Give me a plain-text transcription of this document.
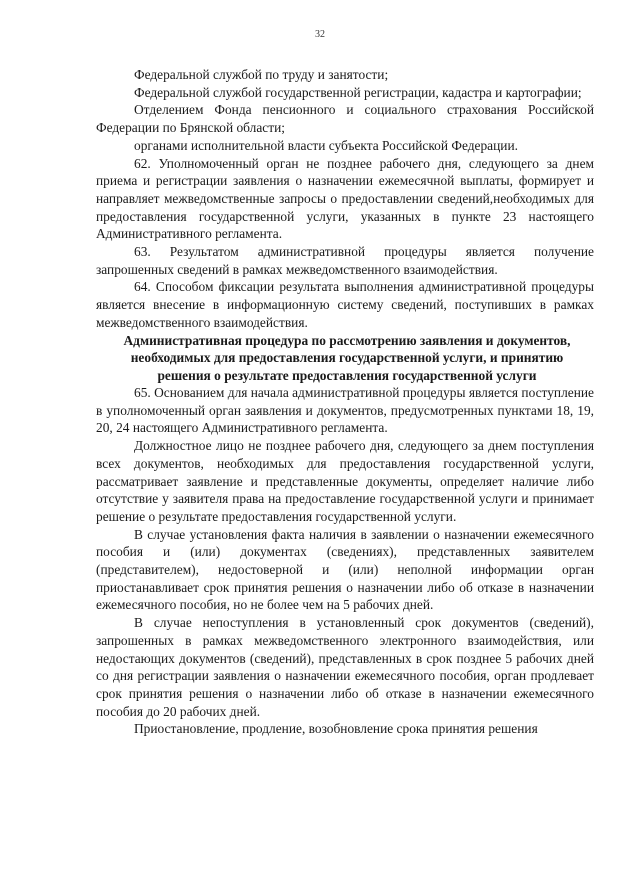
32

Федеральной службой по труду и занятости;

Федеральной службой государственной регистрации, кадастра и картографии;

Отделением Фонда пенсионного и социального страхования Российской Федерации по Брянской области;

органами исполнительной власти субъекта Российской Федерации.

62. Уполномоченный орган не позднее рабочего дня, следующего за днем приема и регистрации заявления о назначении ежемесячной выплаты, формирует и направляет межведомственные запросы о предоставлении сведений,необходимых для предоставления государственной услуги, указанных в пункте 23 настоящего Административного регламента.

63. Результатом административной процедуры является получение запрошенных сведений в рамках межведомственного взаимодействия.

64. Способом фиксации результата выполнения административной процедуры является внесение в информационную систему сведений, поступивших в рамках межведомственного взаимодействия.

Административная процедура по рассмотрению заявления и документов, необходимых для предоставления государственной услуги, и принятию решения о результате предоставления государственной услуги

65. Основанием для начала административной процедуры является поступление в уполномоченный орган заявления и документов, предусмотренных пунктами 18, 19, 20, 24 настоящего Административного регламента.

Должностное лицо не позднее рабочего дня, следующего за днем поступления всех документов, необходимых для предоставления государственной услуги, рассматривает заявление и представленные документы, определяет наличие либо отсутствие у заявителя права на предоставление государственной услуги и принимает решение о результате предоставления государственной услуги.

В случае установления факта наличия в заявлении о назначении ежемесячного пособия и (или) документах (сведениях), представленных заявителем (представителем), недостоверной и (или) неполной информации орган приостанавливает срок принятия решения о назначении либо об отказе в назначении ежемесячного пособия, но не более чем на 5 рабочих дней.

В случае непоступления в установленный срок документов (сведений), запрошенных в рамках межведомственного электронного взаимодействия, или недостающих документов (сведений), представленных в срок позднее 5 рабочих дней со дня регистрации заявления о назначении ежемесячного пособия, орган продлевает срок принятия решения о назначении либо об отказе в назначении ежемесячного пособия до 20 рабочих дней.

Приостановление, продление, возобновление срока принятия решения
